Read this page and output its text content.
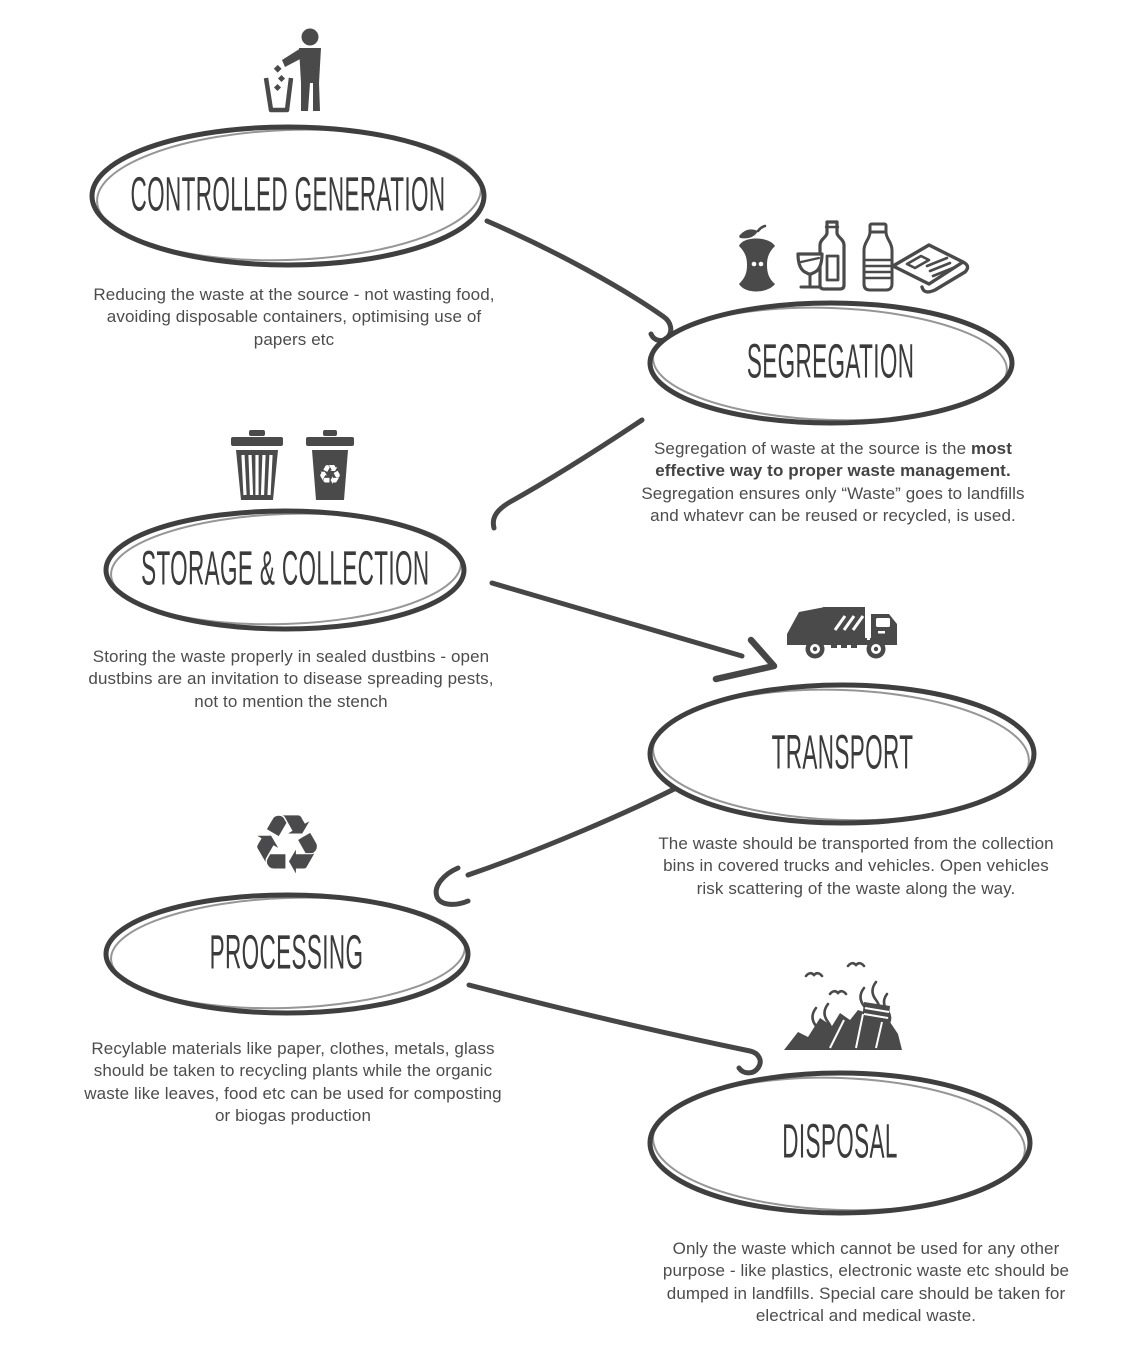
CONTROLLED GENERATION

Reducing the waste at the source - not wasting food, avoiding disposable containers, optimising use of papers etc	SEGREGATION

Segregation of waste at the source is the most effective way to proper waste management. Segregation ensures only “Waste” goes to landfills and whatevr can be reused or recycled, is used.

♻
STORAGE & COLLECTION

Storing the waste properly in sealed dustbins - open dustbins are an invitation to disease spreading pests, not to mention the stench

TRANSPORT

The waste should be transported from the collection bins in covered trucks and vehicles. Open vehicles risk scattering of the waste along the way.

♻
PROCESSING

Recylable materials like paper, clothes, metals, glass should be taken to recycling plants while the organic waste like leaves, food etc can be used for composting or biogas production	DISPOSAL

Only the waste which cannot be used for any other purpose - like plastics, electronic waste etc should be dumped in landfills. Special care should be taken for electrical and medical waste.
